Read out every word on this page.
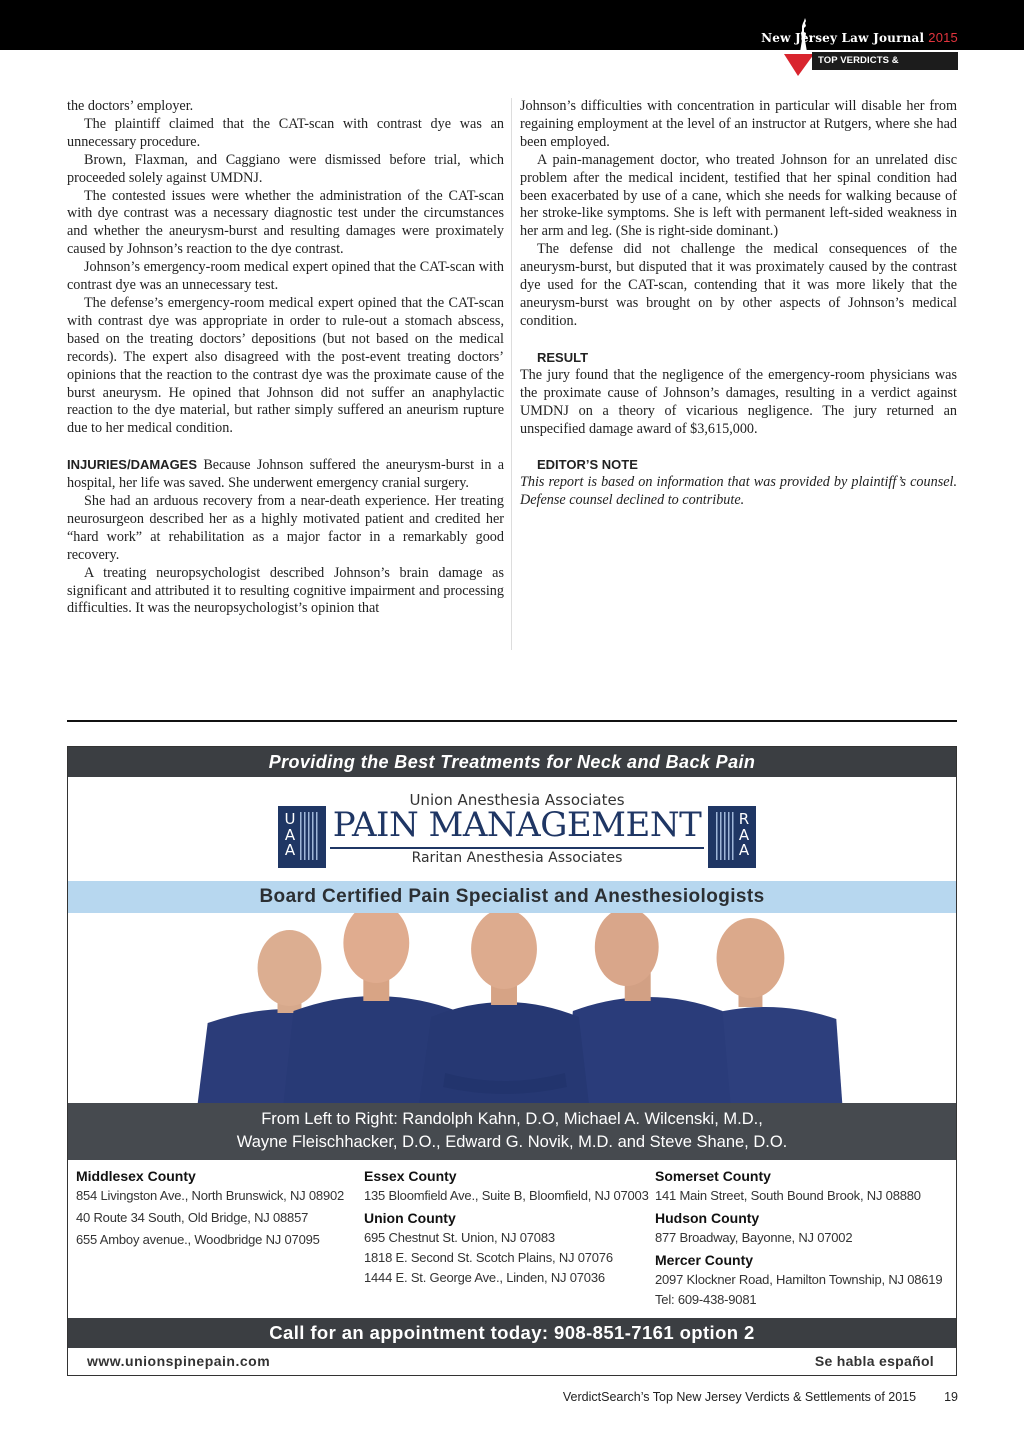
New Jersey Law Journal 2015
TOP VERDICTS & SETTLEMENTS NJ

the doctors’ employer.

The plaintiff claimed that the CAT-scan with contrast dye was an unnecessary procedure.

Brown, Flaxman, and Caggiano were dismissed before trial, which proceeded solely against UMDNJ.

The contested issues were whether the administration of the CAT-scan with dye contrast was a necessary diagnostic test under the circumstances and whether the aneurysm-burst and resulting damages were proximately caused by Johnson’s reaction to the dye contrast.

Johnson’s emergency-room medical expert opined that the CAT-scan with contrast dye was an unnecessary test.

The defense’s emergency-room medical expert opined that the CAT-scan with contrast dye was appropriate in order to rule-out a stomach abscess, based on the treating doctors’ depositions (but not based on the medical records). The expert also disagreed with the post-event treating doctors’ opinions that the reaction to the contrast dye was the proximate cause of the burst aneurysm. He opined that Johnson did not suffer an anaphylactic reaction to the dye material, but rather simply suffered an aneurism rupture due to her medical condition.

INJURIES/DAMAGES Because Johnson suffered the aneurysm-burst in a hospital, her life was saved. She underwent emergency cranial surgery.

She had an arduous recovery from a near-death experience. Her treating neurosurgeon described her as a highly motivated patient and credited her “hard work” at rehabilitation as a major factor in a remarkably good recovery.

A treating neuropsychologist described Johnson’s brain damage as significant and attributed it to resulting cognitive impairment and processing difficulties. It was the neuropsychologist’s opinion that

Johnson’s difficulties with concentration in particular will disable her from regaining employment at the level of an instructor at Rutgers, where she had been employed.

A pain-management doctor, who treated Johnson for an unrelated disc problem after the medical incident, testified that her spinal condition had been exacerbated by use of a cane, which she needs for walking because of her stroke-like symptoms. She is left with permanent left-sided weakness in her arm and leg. (She is right-side dominant.)

The defense did not challenge the medical consequences of the aneurysm-burst, but disputed that it was proximately caused by the contrast dye used for the CAT-scan, contending that it was more likely that the aneurysm-burst was brought on by other aspects of Johnson’s medical condition.

RESULT

The jury found that the negligence of the emergency-room physicians was the proximate cause of Johnson’s damages, resulting in a verdict against UMDNJ on a theory of vicarious negligence. The jury returned an unspecified damage award of $3,615,000.

EDITOR’S NOTE

This report is based on information that was provided by plaintiff’s counsel. Defense counsel declined to contribute.

Providing the Best Treatments for Neck and Back Pain
U
A
A
Union Anesthesia Associates
PAIN MANAGEMENT
Raritan Anesthesia Associates
R
A
A
Board Certified Pain Specialist and Anesthesiologists
From Left to Right: Randolph Kahn, D.O, Michael A. Wilcenski, M.D.,
Wayne Fleischhacker, D.O., Edward G. Novik, M.D. and Steve Shane, D.O.
Middlesex County
854 Livingston Ave., North Brunswick, NJ 08902
40 Route 34 South, Old Bridge, NJ 08857
655 Amboy avenue., Woodbridge NJ 07095
Essex County
135 Bloomfield Ave., Suite B, Bloomfield, NJ 07003
Union County
695 Chestnut St. Union, NJ 07083
1818 E. Second St. Scotch Plains, NJ 07076
1444 E. St. George Ave., Linden, NJ 07036
Somerset County
141 Main Street, South Bound Brook, NJ 08880
Hudson County
877 Broadway, Bayonne, NJ 07002
Mercer County
2097 Klockner Road, Hamilton Township, NJ 08619
Tel: 609-438-9081
Call for an appointment today: 908-851-7161 option 2
www.unionspinepain.com	Se habla español
VerdictSearch’s Top New Jersey Verdicts & Settlements of 2015 19
